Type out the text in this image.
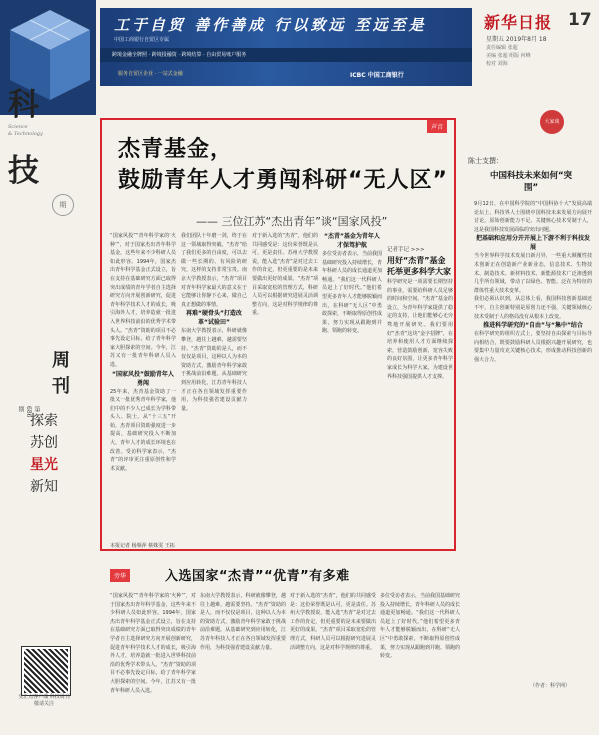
工于自贸 善作善成 行以致远 至远至是
中国工商银行自贸区专属
跨境金融全牌照 · 跨境投融资 · 跨境结算 · 自由贸易账户服务
服务自贸区企业 · 一站式金融	ICBC 中国工商银行
新华日报 17
星期五 2019年8月 18
责任编辑 张超
美编 张超 组版 何峰
校对 刘海
科
Science
& Technology
期
技
周刊
第686期
探索
苏创
星光
新知
交汇点客户端 科技周刊 敬请关注
声音
杰青基金，
鼓励青年人才勇闯科研“无人区”
—— 三位江苏“杰出青年”谈“国家风投”
“国家风投”“青年科学家的‘火种’”，对于国家杰出青年科学基金，这些年来不少科研人员如此形容。1994年，国家杰出青年科学基金正式设立，旨在支持在基础研究方面已取得突出成绩的青年学者自主选择研究方向开展创新研究，促进青年科学技术人才的成长，吸引海外人才，培养造就一批进入世界科技前沿的优秀学术带头人。“杰青”资助的项目不必事先设定目标，给了青年科学家大胆探索的空间。今年，江苏又有一批青年科研人员入选。
“国家风投”鼓励青年人勇闯
25年来，杰青基金资助了一批又一批优秀青年科学家，他们中的不少人已成长为学科带头人、院士。从“十三五”开始，杰青项目资助强度进一步提高，基础研究投入不断加大，青年人才的成长环境也在改善。受访科学家表示，“杰青”的评审更注重原创性和学术贡献。
我们团队十年磨一剑，终于在这一领域取得突破。“杰青”给了我们更多的自由度，可以去做一些长期的、有风险的研究，这样的支持非常宝贵。南京大学教授表示，“杰青”项目对青年科学家最大的意义在于它能够让你静下心来，做自己真正想做的事情。
再难“硬骨头”打造改革“试验田”
东南大学教授表示，科研就像攀登，越往上越难，越需要坚持。“杰青”资助的是人，而不仅仅是项目，这种以人为本的资助方式，激励青年科学家敢于挑战前沿难题。从基础研究到应用转化，江苏青年科技人才正在各自领域发挥重要作用，为科技强省建设贡献力量。
对于新入选的“杰青”，他们的共同感受是：这份荣誉既是认可，更是责任。苏州大学教授说，能入选“杰青”是对过去工作的肯定，但更重要的是未来要做出更好的成果。“杰青”项目采取宽松的管理方式，科研人员可以根据研究进展灵活调整方向，这是对科学规律的尊重。
“杰青”基金为青年人才保驾护航
多位受访者表示，当前我国基础研究投入持续增长，青年科研人员的成长通道更加畅通。“我们这一代科研人员赶上了好时代。”他们希望更多青年人才能够脱颖而出，在科研“无人区”中勇敢探索，不断取得原创性成果，努力实现从跟跑到并跑、领跑的转变。
记者手记 >>>
用好“杰青”基金托举更多科学大家
科学研究是一项需要长期坚持的事业，需要给科研人员足够的时间和空间。“杰青”基金的设立，为青年科学家提供了稳定的支持，让他们能够心无旁骛地开展研究。我们要用好“杰青”这块“金字招牌”，在培养和使用人才方面继续探索，营造鼓励创新、宽容失败的良好氛围，让更多青年科学家成长为科学大家，为建设世界科技强国提供人才支撑。
本报记者 杨频萍 蔡姝雯 王拓
大家谈
陈士支撰：
中国科技未来如何“突围”
9月12日，在中国科学院的“中国科协十大”发展高端论坛上，科技界人士围绕中国科技未来发展方向展开讨论。原始创新能力不足、关键核心技术受制于人，这是我国科技发展面临的突出问题。
把基础和应用分开开展上下游不利于科技发展
当今世界科学技术发展日新月异，一些重大颠覆性技术创新正在创造新产业新业态，信息技术、生物技术、制造技术、新材料技术、新能源技术广泛渗透到几乎所有领域，带动了以绿色、智能、泛在为特征的群体性重大技术变革。
我们必须认识到，从总体上看，我国科技创新基础还不牢，自主创新特别是原创力还不强，关键领域核心技术受制于人的格局没有从根本上改变。
推进科学研究的“自由”与“集中”结合
在科学研究的组织方式上，要坚持自由探索与目标导向相结合，既要鼓励科研人员根据兴趣开展研究，也要集中力量攻克关键核心技术，形成推动科技创新的强大合力。
（作者：科学网）
旁华	入选国家“杰青”“优青”有多难
“国家风投”“青年科学家的‘火种’”，对于国家杰出青年科学基金，这些年来不少科研人员如此形容。1994年，国家杰出青年科学基金正式设立，旨在支持在基础研究方面已取得突出成绩的青年学者自主选择研究方向开展创新研究，促进青年科学技术人才的成长，吸引海外人才，培养造就一批进入世界科技前沿的优秀学术带头人。“杰青”资助的项目不必事先设定目标，给了青年科学家大胆探索的空间。今年，江苏又有一批青年科研人员入选。
东南大学教授表示，科研就像攀登，越往上越难，越需要坚持。“杰青”资助的是人，而不仅仅是项目，这种以人为本的资助方式，激励青年科学家敢于挑战前沿难题。从基础研究到应用转化，江苏青年科技人才正在各自领域发挥重要作用，为科技强省建设贡献力量。
对于新入选的“杰青”，他们的共同感受是：这份荣誉既是认可，更是责任。苏州大学教授说，能入选“杰青”是对过去工作的肯定，但更重要的是未来要做出更好的成果。“杰青”项目采取宽松的管理方式，科研人员可以根据研究进展灵活调整方向，这是对科学规律的尊重。
多位受访者表示，当前我国基础研究投入持续增长，青年科研人员的成长通道更加畅通。“我们这一代科研人员赶上了好时代。”他们希望更多青年人才能够脱颖而出，在科研“无人区”中勇敢探索，不断取得原创性成果，努力实现从跟跑到并跑、领跑的转变。
